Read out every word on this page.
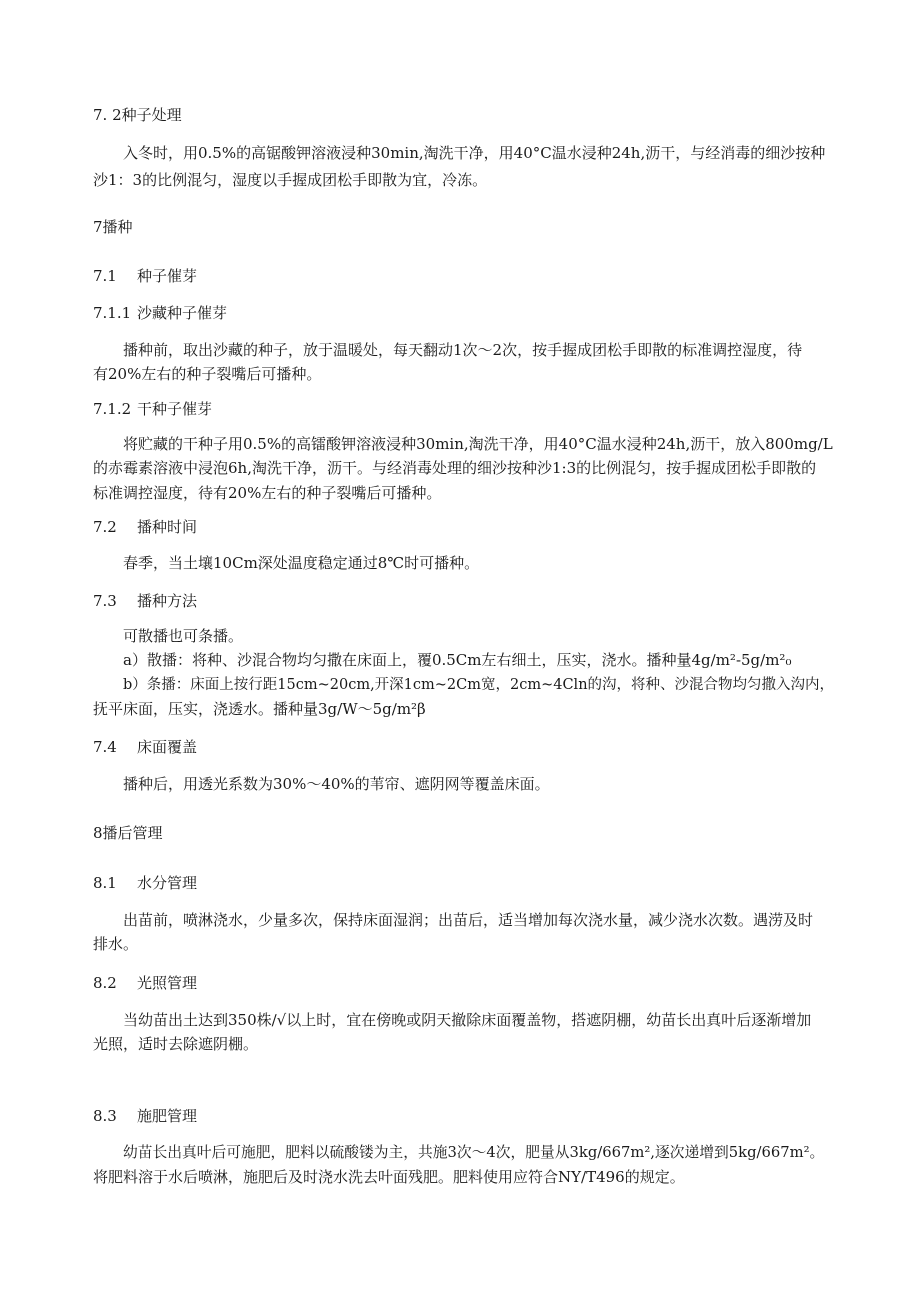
7. 2种子处理
入冬时，用0.5%的高锯酸钾溶液浸种30min,淘洗干净，用40°C温水浸种24h,沥干，与经消毒的细沙按种
沙1：3的比例混匀，湿度以手握成团松手即散为宜，冷冻。
7播种
7.1 种子催芽
7.1.1 沙藏种子催芽
播种前，取出沙藏的种子，放于温暖处，每天翻动1次～2次，按手握成团松手即散的标准调控湿度，待
有20%左右的种子裂嘴后可播种。
7.1.2 干种子催芽
将贮藏的干种子用0.5%的高镭酸钾溶液浸种30min,淘洗干净，用40°C温水浸种24h,沥干，放入800mg/L
的赤霉素溶液中浸泡6h,淘洗干净，沥干。与经消毒处理的细沙按种沙1:3的比例混匀，按手握成团松手即散的
标准调控湿度，待有20%左右的种子裂嘴后可播种。
7.2 播种时间
春季，当土壤10Cm深处温度稳定通过8℃时可播种。
7.3 播种方法
可散播也可条播。
a）散播：将种、沙混合物均匀撒在床面上，覆0.5Cm左右细土，压实，浇水。播种量4g∕m²-5g∕m²₀
b）条播：床面上按行距15cm~20cm,开深1cm~2Cm宽，2cm~4Cln的沟，将种、沙混合物均匀撒入沟内，
抚平床面，压实，浇透水。播种量3g/W～5g∕m²β
7.4 床面覆盖
播种后，用透光系数为30%～40%的苇帘、遮阴网等覆盖床面。
8播后管理
8.1 水分管理
出苗前，喷淋浇水，少量多次，保持床面湿润；出苗后，适当增加每次浇水量，减少浇水次数。遇涝及时
排水。
8.2 光照管理
当幼苗出土达到350株∕√以上时，宜在傍晚或阴天撤除床面覆盖物，搭遮阴棚，幼苗长出真叶后逐渐增加
光照，适时去除遮阴棚。
8.3 施肥管理
幼苗长出真叶后可施肥，肥料以硫酸镂为主，共施3次～4次，肥量从3kg/667m²,逐次递增到5kg/667m²。
将肥料溶于水后喷淋，施肥后及时浇水洗去叶面残肥。肥料使用应符合NY/T496的规定。
